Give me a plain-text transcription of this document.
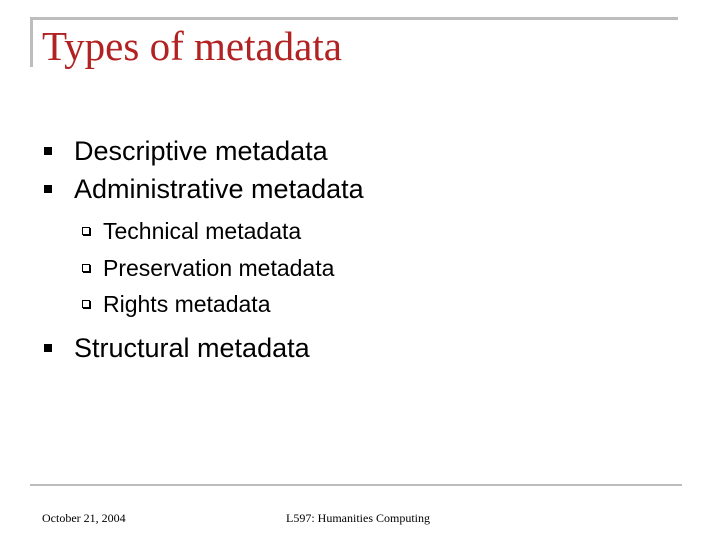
Types of metadata
Descriptive metadata
Administrative metadata
Technical metadata
Preservation metadata
Rights metadata
Structural metadata
October 21, 2004	L597: Humanities Computing
